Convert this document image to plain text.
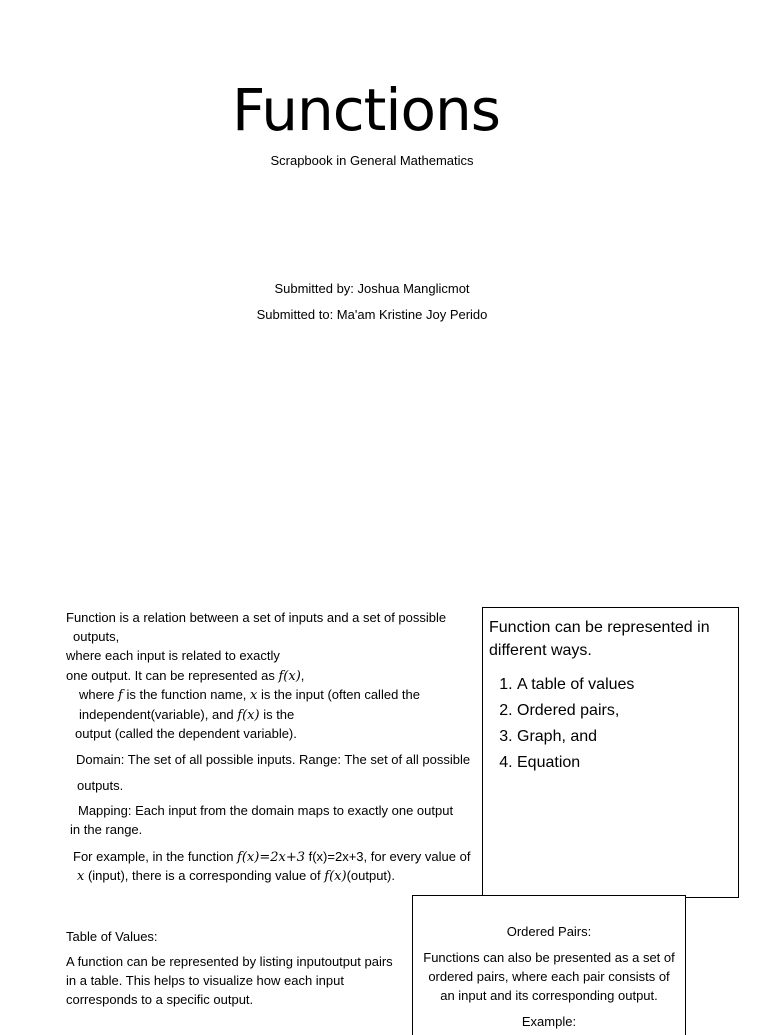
Functions
Scrapbook in General Mathematics
Submitted by: Joshua Manglicmot
Submitted to: Ma'am Kristine Joy Perido
Function is a relation between a set of inputs and a set of possible
outputs,
where each input is related to exactly
one output. It can be represented as f(x),
where f is the function name, x is the input (often called the
independent(variable), and f(x) is the
output (called the dependent variable).
Domain: The set of all possible inputs. Range: The set of all possible
outputs.
Mapping: Each input from the domain maps to exactly one output
in the range.
For example, in the function f(x)=2x+3 f(x)=2x+3, for every value of
x (input), there is a corresponding value of f(x)(output).
Function can be represented in different ways.
1. A table of values
2. Ordered pairs,
3. Graph, and
4. Equation
Table of Values:
A function can be represented by listing inputoutput pairs
in a table. This helps to visualize how each input
corresponds to a specific output.
Ordered Pairs:
Functions can also be presented as a set of
ordered pairs, where each pair consists of
an input and its corresponding output.
Example:
